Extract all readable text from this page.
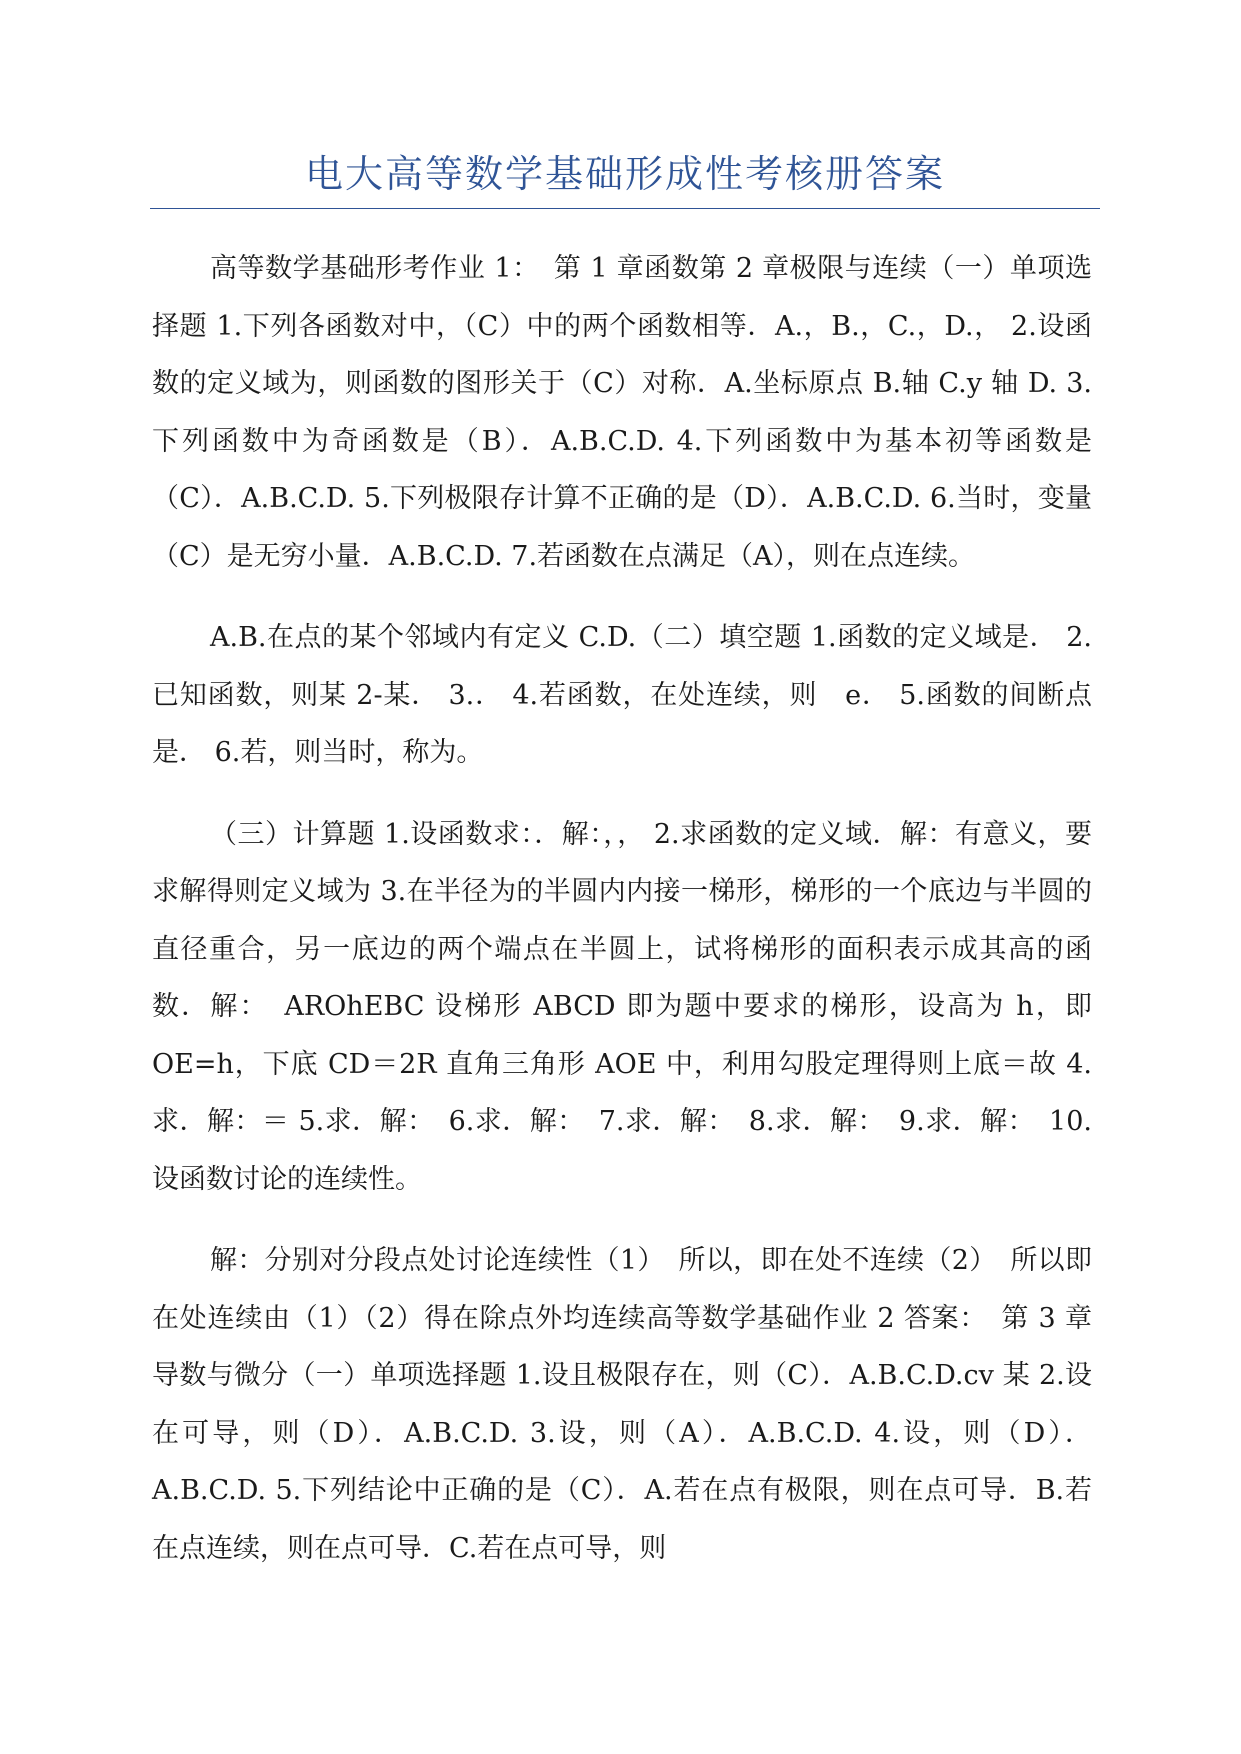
电大高等数学基础形成性考核册答案

高等数学基础形考作业 1：　第 1 章函数第 2 章极限与连续（一）单项选择题 1.下列各函数对中，（C）中的两个函数相等．A.，B.，C.，D.， 2.设函数的定义域为，则函数的图形关于（C）对称．A.坐标原点 B.轴 C.y 轴 D. 3.下列函数中为奇函数是（B）．A.B.C.D. 4.下列函数中为基本初等函数是（C）．A.B.C.D. 5.下列极限存计算不正确的是（D）．A.B.C.D. 6.当时，变量（C）是无穷小量．A.B.C.D. 7.若函数在点满足（A），则在点连续。

A.B.在点的某个邻域内有定义 C.D.（二）填空题 1.函数的定义域是． 2.已知函数，则某 2-某． 3.． 4.若函数，在处连续，则　e． 5.函数的间断点是． 6.若，则当时，称为。

（三）计算题 1.设函数求：．解：，， 2.求函数的定义域．解：有意义，要求解得则定义域为 3.在半径为的半圆内内接一梯形，梯形的一个底边与半圆的直径重合，另一底边的两个端点在半圆上，试将梯形的面积表示成其高的函数．解：　AROhEBC 设梯形 ABCD 即为题中要求的梯形，设高为 h，即 OE=h，下底 CD＝2R 直角三角形 AOE 中，利用勾股定理得则上底＝故 4.求．解：＝ 5.求．解：　6.求．解：　7.求．解：　8.求．解：　9.求．解：　10.设函数讨论的连续性。

解：分别对分段点处讨论连续性（1）　所以，即在处不连续（2）　所以即在处连续由（1）（2）得在除点外均连续高等数学基础作业 2 答案：　第 3 章导数与微分（一）单项选择题 1.设且极限存在，则（C）．A.B.C.D.cv 某 2.设在可导，则（D）．A.B.C.D. 3.设，则（A）．A.B.C.D. 4.设，则（D）．A.B.C.D. 5.下列结论中正确的是（C）．A.若在点有极限，则在点可导．B.若在点连续，则在点可导．C.若在点可导，则
